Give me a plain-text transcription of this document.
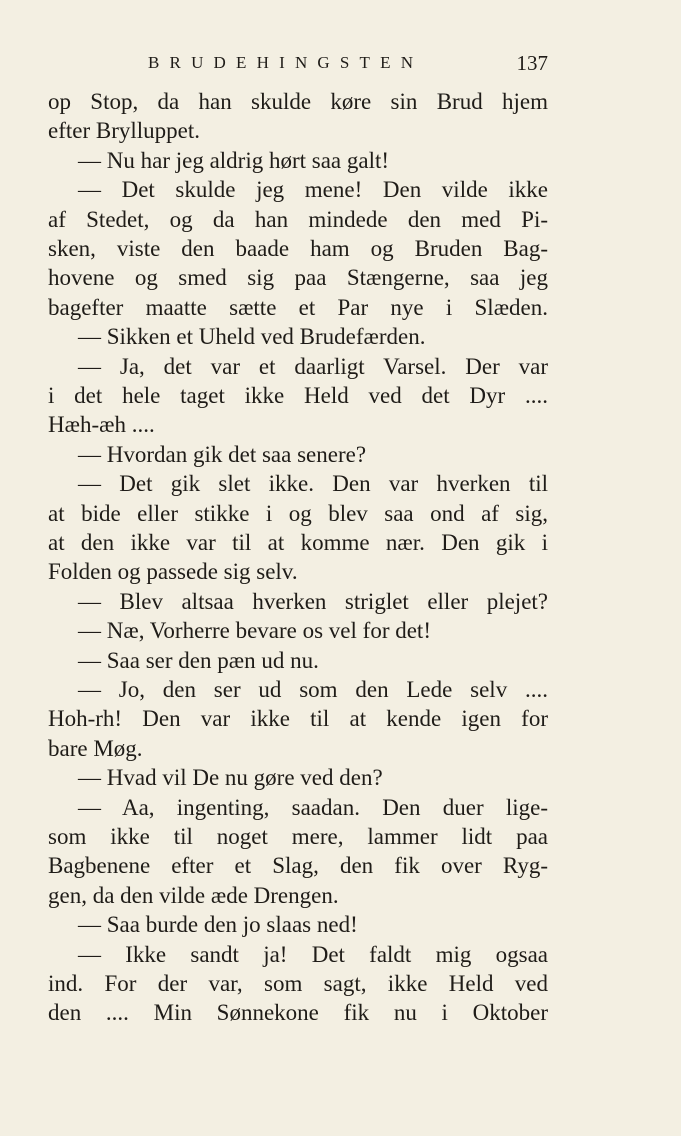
BRUDEHINGSTEN	137
op Stop, da han skulde køre sin Brud hjem
efter Brylluppet.
— Nu har jeg aldrig hørt saa galt!
— Det skulde jeg mene! Den vilde ikke
af Stedet, og da han mindede den med Pi-
sken, viste den baade ham og Bruden Bag-
hovene og smed sig paa Stængerne, saa jeg
bagefter maatte sætte et Par nye i Slæden.
— Sikken et Uheld ved Brudefærden.
— Ja, det var et daarligt Varsel. Der var
i det hele taget ikke Held ved det Dyr ....
Hæh-æh ....
— Hvordan gik det saa senere?
— Det gik slet ikke. Den var hverken til
at bide eller stikke i og blev saa ond af sig,
at den ikke var til at komme nær. Den gik i
Folden og passede sig selv.
— Blev altsaa hverken striglet eller plejet?
— Næ, Vorherre bevare os vel for det!
— Saa ser den pæn ud nu.
— Jo, den ser ud som den Lede selv ....
Hoh-rh! Den var ikke til at kende igen for
bare Møg.
— Hvad vil De nu gøre ved den?
— Aa, ingenting, saadan. Den duer lige-
som ikke til noget mere, lammer lidt paa
Bagbenene efter et Slag, den fik over Ryg-
gen, da den vilde æde Drengen.
— Saa burde den jo slaas ned!
— Ikke sandt ja! Det faldt mig ogsaa
ind. For der var, som sagt, ikke Held ved
den .... Min Sønnekone fik nu i Oktober
